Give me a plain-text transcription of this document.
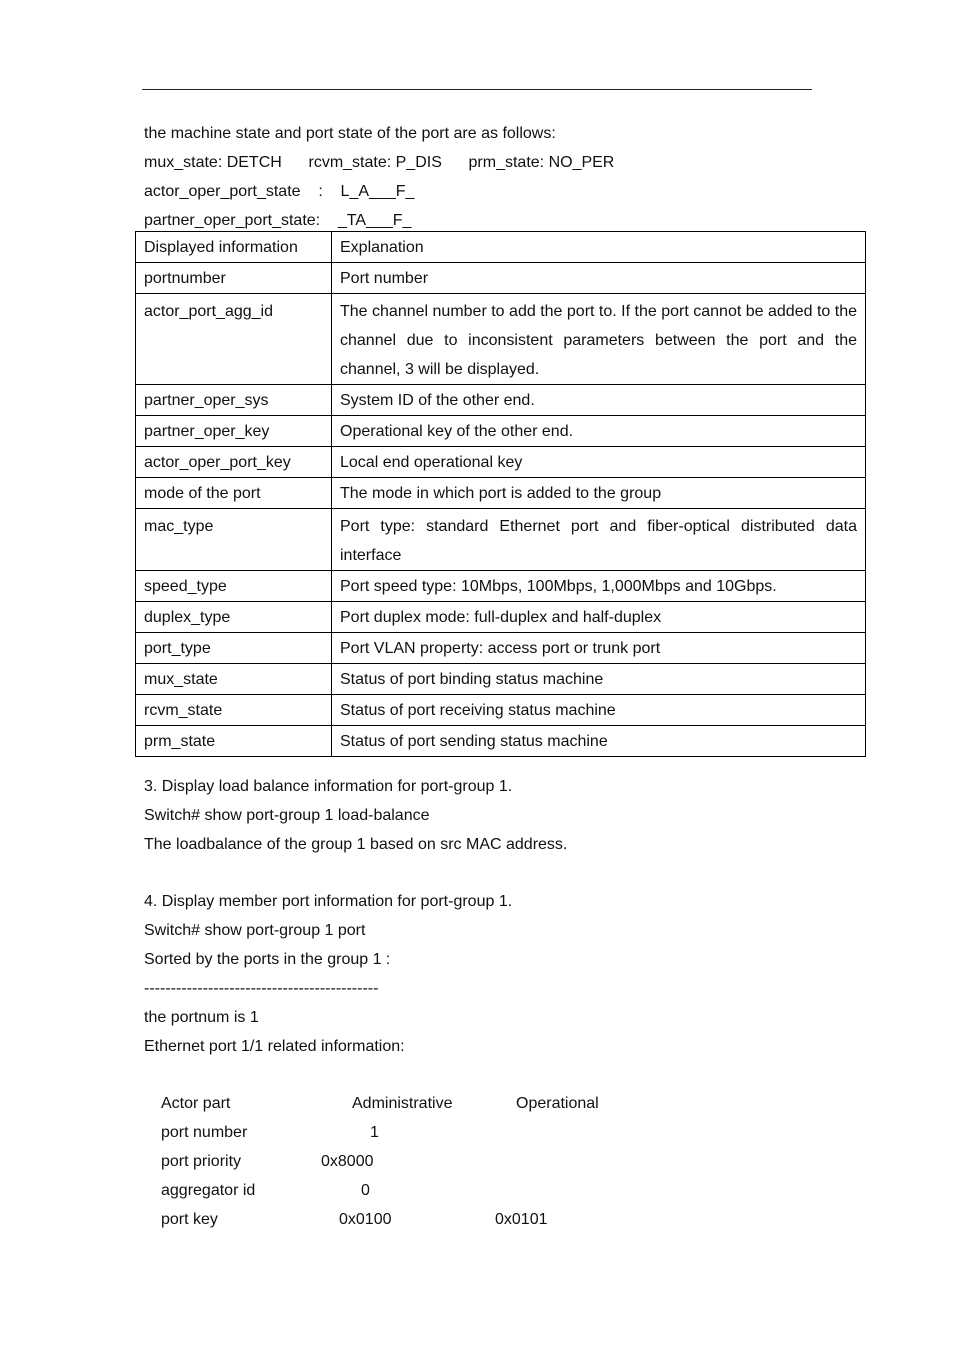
the machine state and port state of the port are as follows:
mux_state: DETCH      rcvm_state: P_DIS      prm_state: NO_PER
actor_oper_port_state    :    L_A___F_
partner_oper_port_state:    _TA___F_
Displayed information	Explanation
portnumber	Port number
actor_port_agg_id	The channel number to add the port to. If the port cannot be added to the channel due to inconsistent parameters between the port and the channel, 3 will be displayed.
partner_oper_sys	System ID of the other end.
partner_oper_key	Operational key of the other end.
actor_oper_port_key	Local end operational key
mode of the port	The mode in which port is added to the group
mac_type	Port type: standard Ethernet port and fiber-optical distributed data interface
speed_type	Port speed type: 10Mbps, 100Mbps, 1,000Mbps and 10Gbps.
duplex_type	Port duplex mode: full-duplex and half-duplex
port_type	Port VLAN property: access port or trunk port
mux_state	Status of port binding status machine
rcvm_state	Status of port receiving status machine
prm_state	Status of port sending status machine
3. Display load balance information for port-group 1.
Switch# show port-group 1 load-balance
The loadbalance of the group 1 based on src MAC address.
4. Display member port information for port-group 1.
Switch# show port-group 1 port
Sorted by the ports in the group 1 :
--------------------------------------------
the portnum is 1
Ethernet port 1/1 related information:
Actor part	Administrative	Operational
port number	1
port priority	0x8000
aggregator id	0
port key	0x0100	0x0101
